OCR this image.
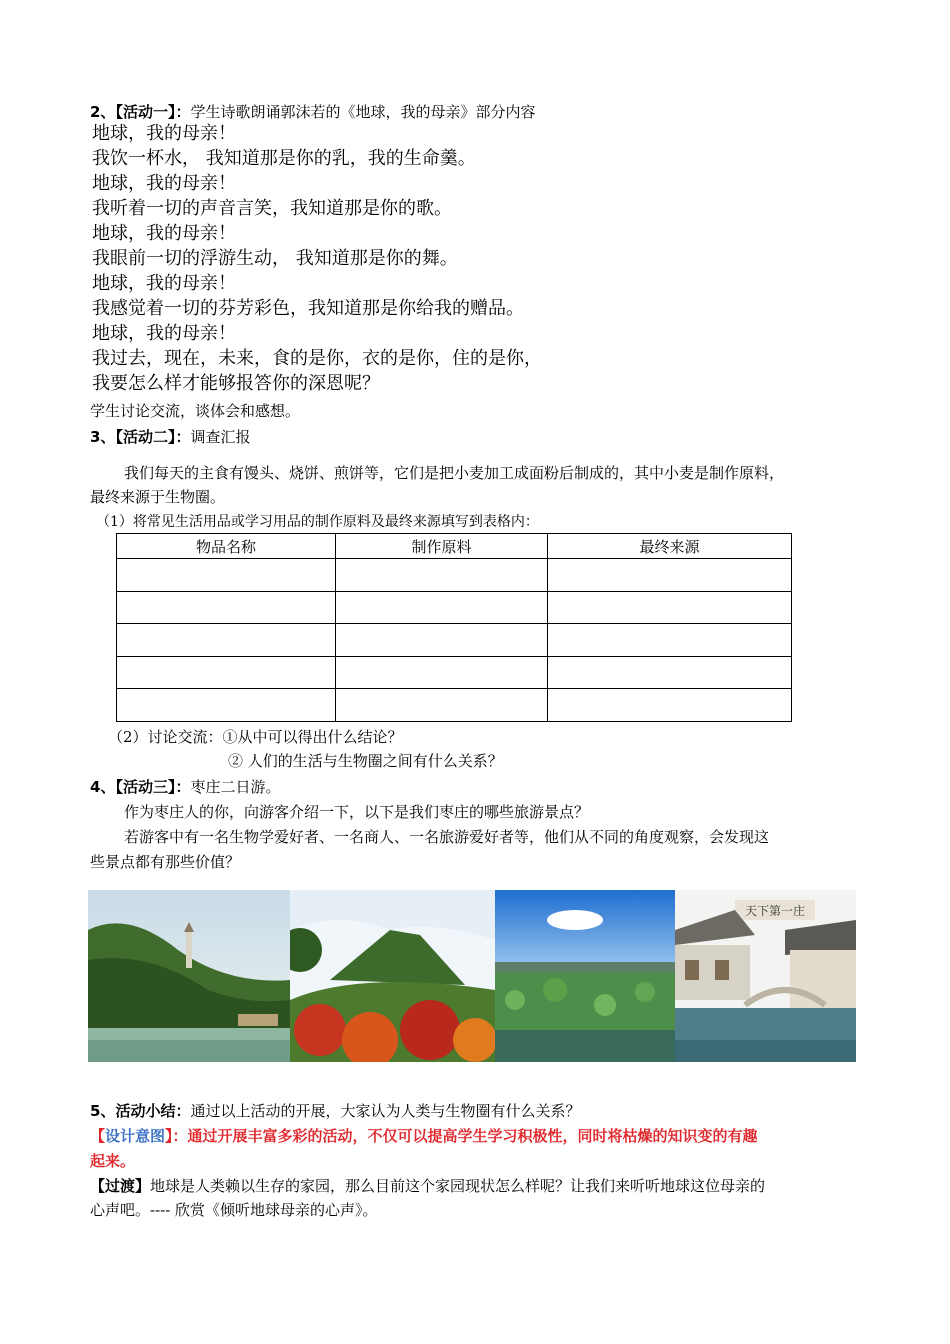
2、【活动一】：学生诗歌朗诵郭沫若的《地球，我的母亲》部分内容
地球，我的母亲！
我饮一杯水， 我知道那是你的乳，我的生命羹。
地球，我的母亲！
我听着一切的声音言笑，我知道那是你的歌。
地球，我的母亲！
我眼前一切的浮游生动， 我知道那是你的舞。
地球，我的母亲！
我感觉着一切的芬芳彩色，我知道那是你给我的赠品。
地球，我的母亲！
我过去，现在，未来，食的是你，衣的是你，住的是你，
我要怎么样才能够报答你的深恩呢？
学生讨论交流，谈体会和感想。
3、【活动二】：调查汇报
我们每天的主食有馒头、烧饼、煎饼等，它们是把小麦加工成面粉后制成的，其中小麦是制作原料，
最终来源于生物圈。
（1）将常见生活用品或学习用品的制作原料及最终来源填写到表格内：
物品名称	制作原料	最终来源

（2）讨论交流：①从中可以得出什么结论？
② 人们的生活与生物圈之间有什么关系？
4、【活动三】：枣庄二日游。
作为枣庄人的你，向游客介绍一下，以下是我们枣庄的哪些旅游景点？
若游客中有一名生物学爱好者、一名商人、一名旅游爱好者等，他们从不同的角度观察，会发现这
些景点都有那些价值？
天下第一庄
5、活动小结：通过以上活动的开展，大家认为人类与生物圈有什么关系？
【设计意图】：通过开展丰富多彩的活动，不仅可以提高学生学习积极性，同时将枯燥的知识变的有趣
起来。
【过渡】地球是人类赖以生存的家园，那么目前这个家园现状怎么样呢？让我们来听听地球这位母亲的
心声吧。---- 欣赏《倾听地球母亲的心声》。
